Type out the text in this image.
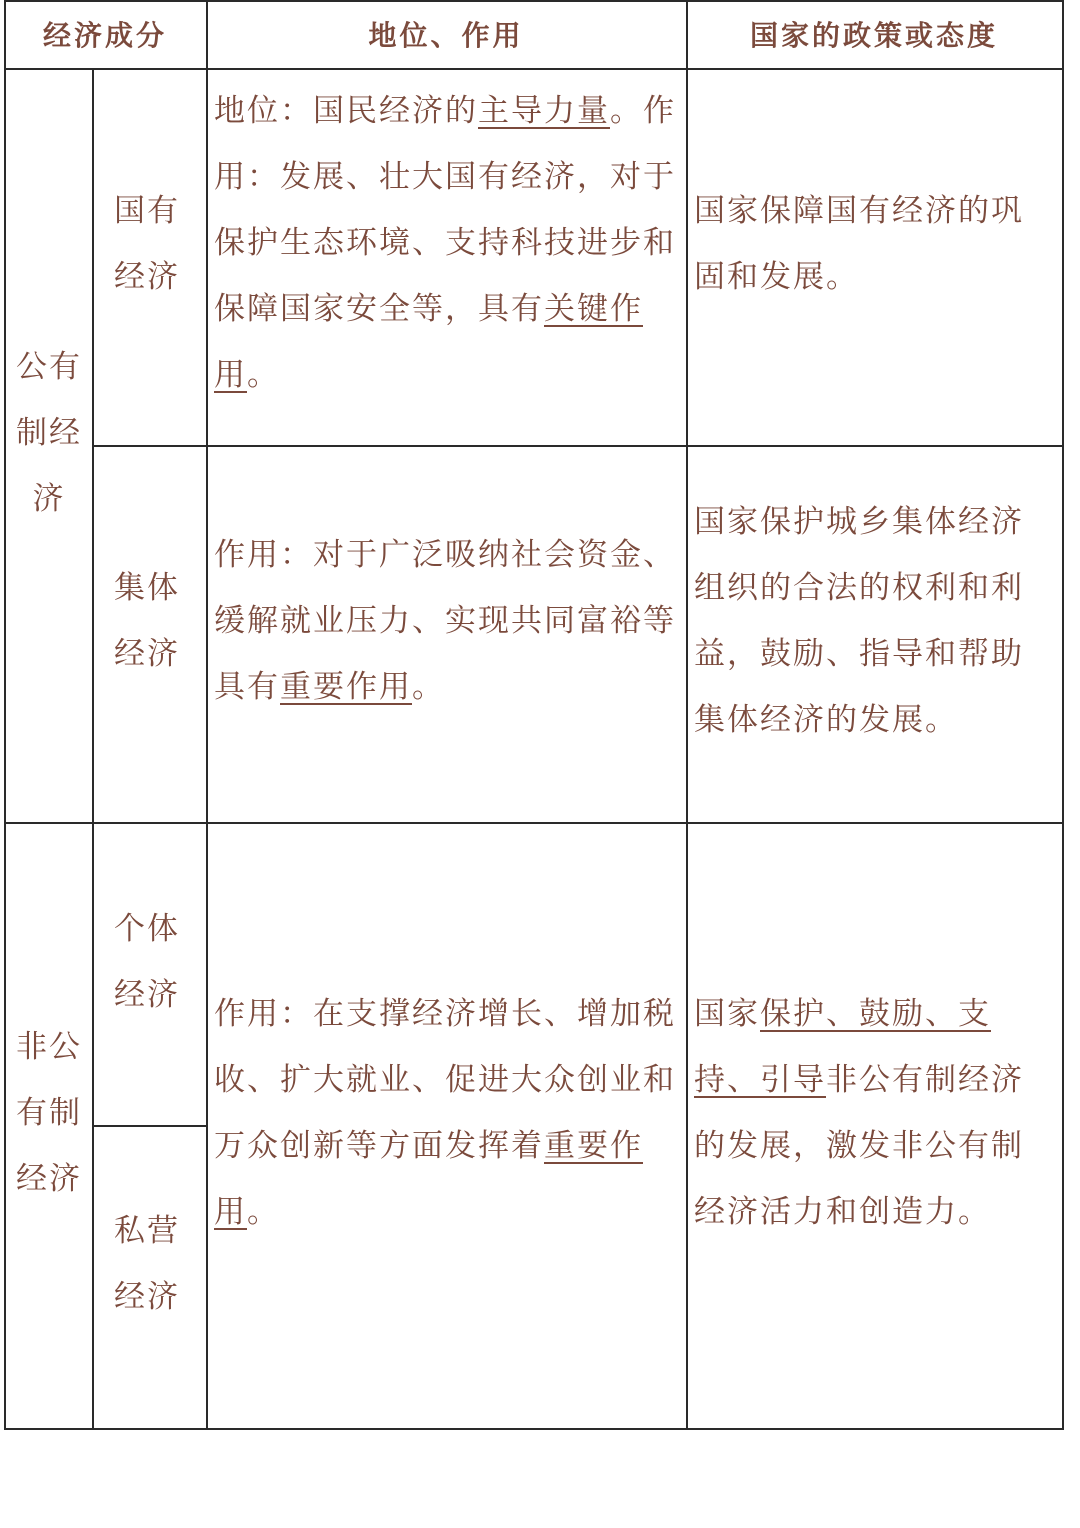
经济成分	地位、作用	国家的政策或态度
公有制经济
国有经济
地位：国民经济的主导力量。作用：发展、壮大国有经济，对于保护生态环境、支持科技进步和保障国家安全等，具有关键作用。
国家保障国有经济的巩固和发展。
集体经济
作用：对于广泛吸纳社会资金、缓解就业压力、实现共同富裕等具有重要作用。
国家保护城乡集体经济组织的合法的权利和利益，鼓励、指导和帮助集体经济的发展。
非公有制经济
个体经济
私营经济
作用：在支撑经济增长、增加税收、扩大就业、促进大众创业和万众创新等方面发挥着重要作用。
国家保护、鼓励、支持、引导非公有制经济的发展，激发非公有制经济活力和创造力。
